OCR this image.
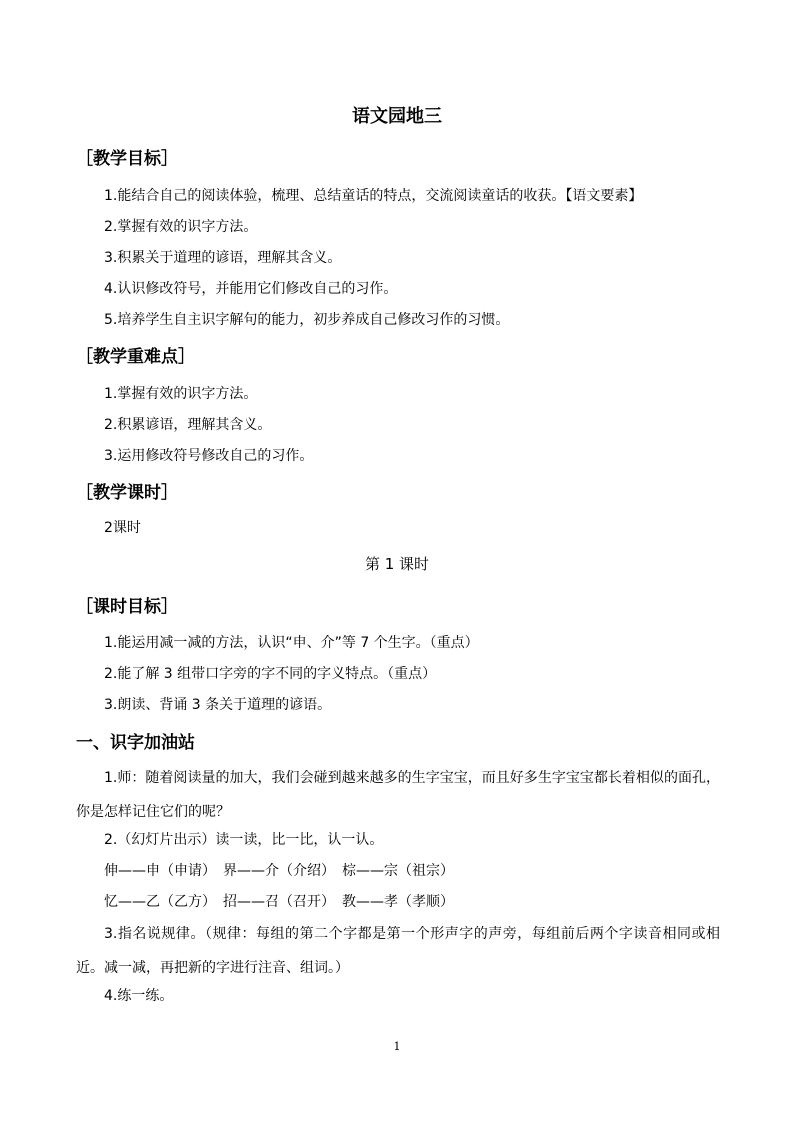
语文园地三
［教学目标］
1.能结合自己的阅读体验，梳理、总结童话的特点，交流阅读童话的收获。【语文要素】
2.掌握有效的识字方法。
3.积累关于道理的谚语，理解其含义。
4.认识修改符号，并能用它们修改自己的习作。
5.培养学生自主识字解句的能力，初步养成自己修改习作的习惯。
［教学重难点］
1.掌握有效的识字方法。
2.积累谚语，理解其含义。
3.运用修改符号修改自己的习作。
［教学课时］
2课时
第 1 课时
［课时目标］
1.能运用减一减的方法，认识“申、介”等 7 个生字。（重点）
2.能了解 3 组带口字旁的字不同的字义特点。（重点）
3.朗读、背诵 3 条关于道理的谚语。
一、识字加油站
1.师：随着阅读量的加大，我们会碰到越来越多的生字宝宝，而且好多生字宝宝都长着相似的面孔，你是怎样记住它们的呢？
2.（幻灯片出示）读一读，比一比，认一认。
伸——申（申请）　界——介（介绍）　棕——宗（祖宗）
忆——乙（乙方）　招——召（召开）　教——孝（孝顺）
3.指名说规律。（规律：每组的第二个字都是第一个形声字的声旁，每组前后两个字读音相同或相近。减一减，再把新的字进行注音、组词。）
4.练一练。
1
